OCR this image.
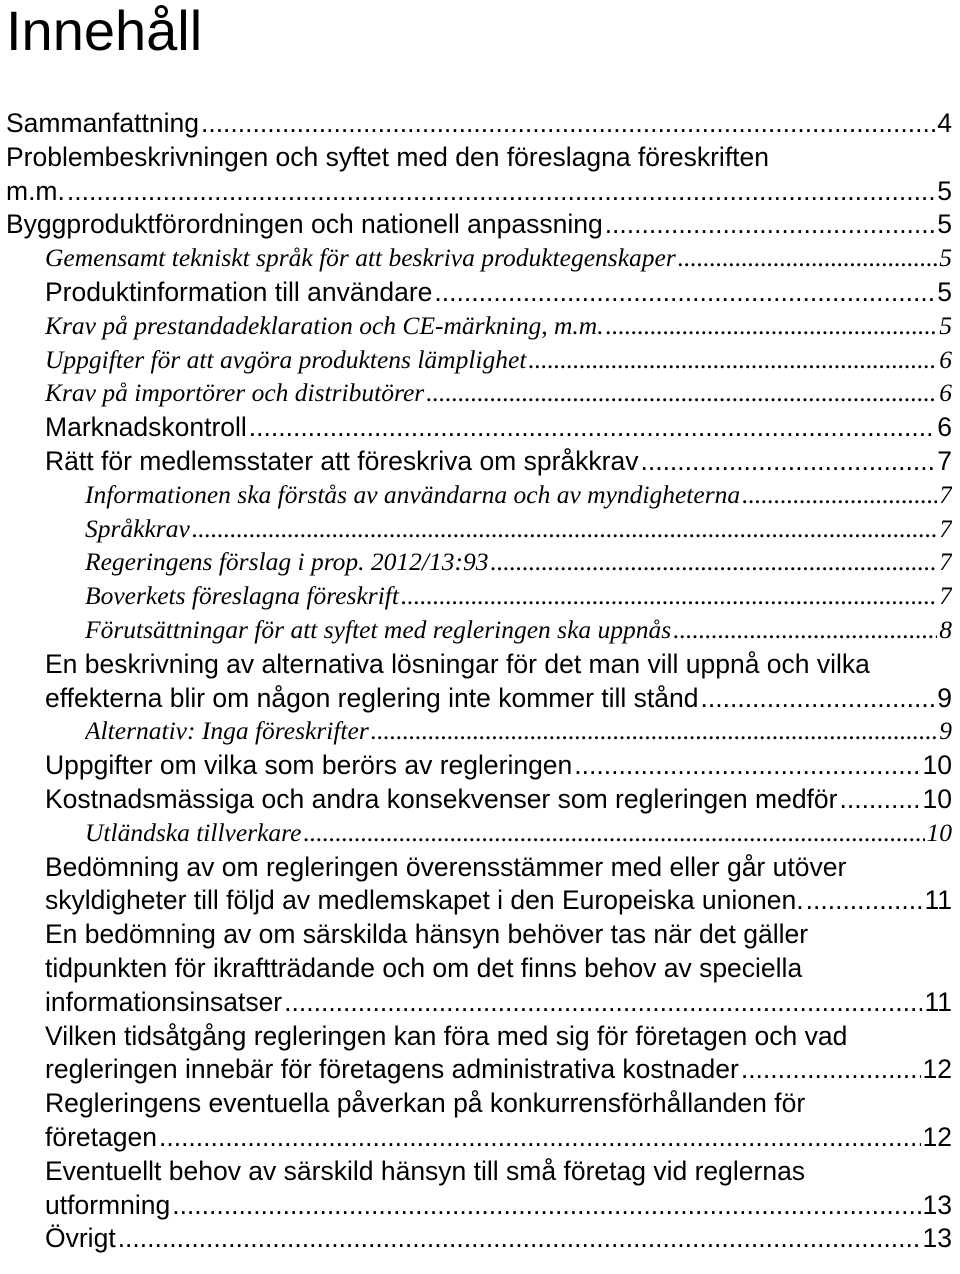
Innehåll
Sammanfattning .....	4
Problembeskrivningen och syftet med den föreslagna föreskriften
m.m. .....	5
Byggproduktförordningen och nationell anpassning .....	5
Gemensamt tekniskt språk för att beskriva produktegenskaper .....	5
Produktinformation till användare .....	5
Krav på prestandadeklaration och CE-märkning, m.m. .....	5
Uppgifter för att avgöra produktens lämplighet .....	6
Krav på importörer och distributörer .....	6
Marknadskontroll .....	6
Rätt för medlemsstater att föreskriva om språkkrav .....	7
Informationen ska förstås av användarna och av myndigheterna .....	7
Språkkrav .....	7
Regeringens förslag i prop. 2012/13:93 .....	7
Boverkets föreslagna föreskrift .....	7
Förutsättningar för att syftet med regleringen ska uppnås .....	8
En beskrivning av alternativa lösningar för det man vill uppnå och vilka
effekterna blir om någon reglering inte kommer till stånd .....	9
Alternativ: Inga föreskrifter .....	9
Uppgifter om vilka som berörs av regleringen .....	10
Kostnadsmässiga och andra konsekvenser som regleringen medför .....	10
Utländska tillverkare .....	10
Bedömning av om regleringen överensstämmer med eller går utöver
skyldigheter till följd av medlemskapet i den Europeiska unionen. .....	11
En bedömning av om särskilda hänsyn behöver tas när det gäller
tidpunkten för ikraftträdande och om det finns behov av speciella
informationsinsatser .....	11
Vilken tidsåtgång regleringen kan föra med sig för företagen och vad
regleringen innebär för företagens administrativa kostnader .....	12
Regleringens eventuella påverkan på konkurrensförhållanden för
företagen .....	12
Eventuellt behov av särskild hänsyn till små företag vid reglernas
utformning .....	13
Övrigt .....	13
